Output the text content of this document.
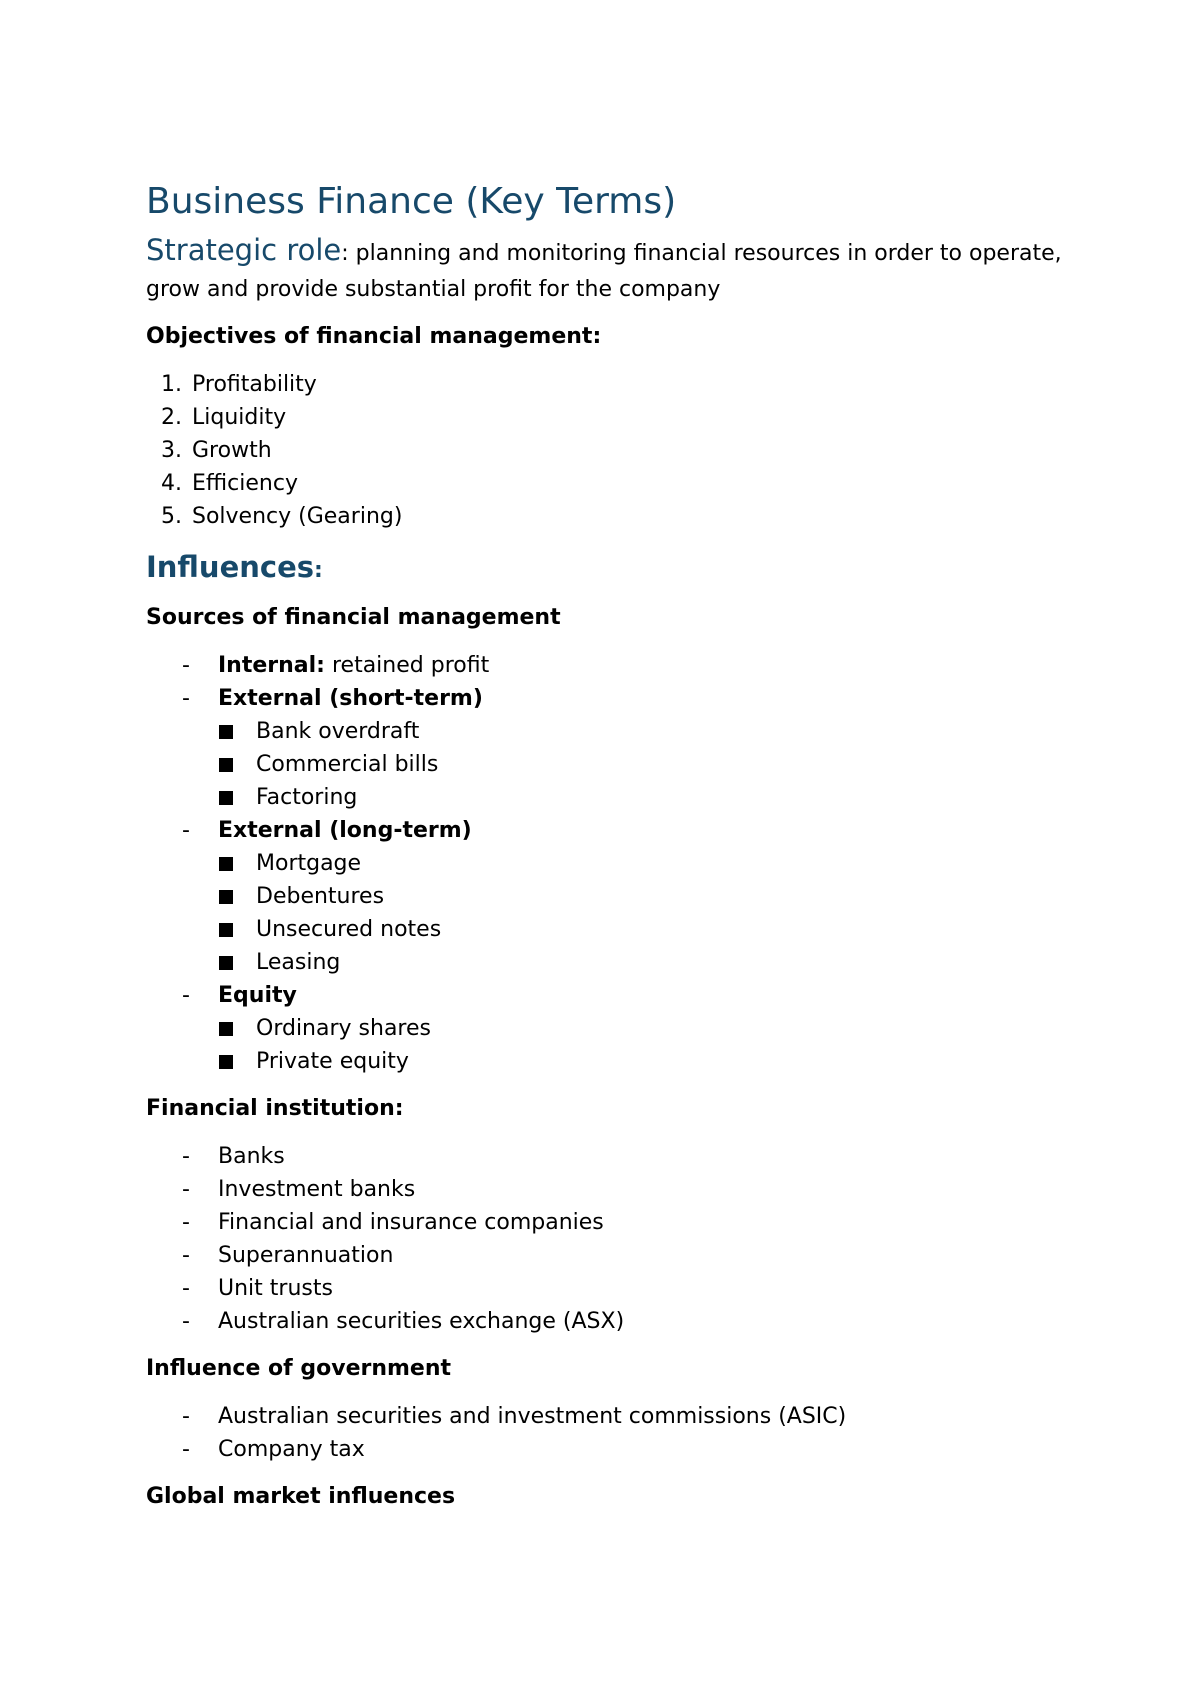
Business Finance (Key Terms)

Strategic role: planning and monitoring financial resources in order to operate, grow and provide substantial profit for the company

Objectives of financial management:

1. Profitability
2. Liquidity
3. Growth
4. Efficiency
5. Solvency (Gearing)
Influences:

Sources of financial management

- Internal: retained profit
- External (short-term)
Bank overdraft
Commercial bills
Factoring
- External (long-term)
Mortgage
Debentures
Unsecured notes
Leasing
- Equity
Ordinary shares
Private equity

Financial institution:

- Banks
- Investment banks
- Financial and insurance companies
- Superannuation
- Unit trusts
- Australian securities exchange (ASX)

Influence of government

- Australian securities and investment commissions (ASIC)
- Company tax

Global market influences
